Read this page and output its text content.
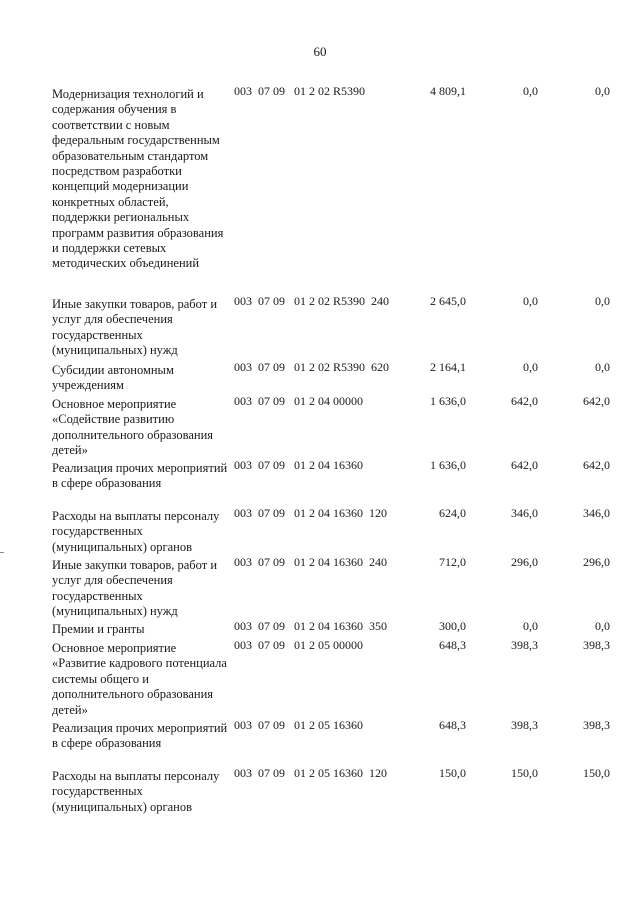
60
Модернизация технологий и содержания обучения в соответствии с новым федеральным государственным образовательным стандартом посредством разработки концепций модернизации конкретных областей, поддержки региональных программ развития образования и поддержки сетевых методических объединений
003  07 09   01 2 02 R5390	4 809,1	0,0	0,0
Иные закупки товаров, работ и услуг для обеспечения государственных (муниципальных) нужд
003  07 09   01 2 02 R5390  240	2 645,0	0,0	0,0
Субсидии автономным учреждениям
003  07 09   01 2 02 R5390  620	2 164,1	0,0	0,0
Основное мероприятие «Содействие развитию дополнительного образования детей»
003  07 09   01 2 04 00000	1 636,0	642,0	642,0
Реализация прочих мероприятий в сфере образования
003  07 09   01 2 04 16360	1 636,0	642,0	642,0
Расходы на выплаты персоналу государственных (муниципальных) органов
003  07 09   01 2 04 16360  120	624,0	346,0	346,0
Иные закупки товаров, работ и услуг для обеспечения государственных (муниципальных) нужд
003  07 09   01 2 04 16360  240	712,0	296,0	296,0
Премии и гранты	003  07 09   01 2 04 16360  350	300,0	0,0	0,0
Основное мероприятие «Развитие кадрового потенциала системы общего и дополнительного образования детей»
003  07 09   01 2 05 00000	648,3	398,3	398,3
Реализация прочих мероприятий в сфере образования
003  07 09   01 2 05 16360	648,3	398,3	398,3
Расходы на выплаты персоналу государственных (муниципальных) органов
003  07 09   01 2 05 16360  120	150,0	150,0	150,0
